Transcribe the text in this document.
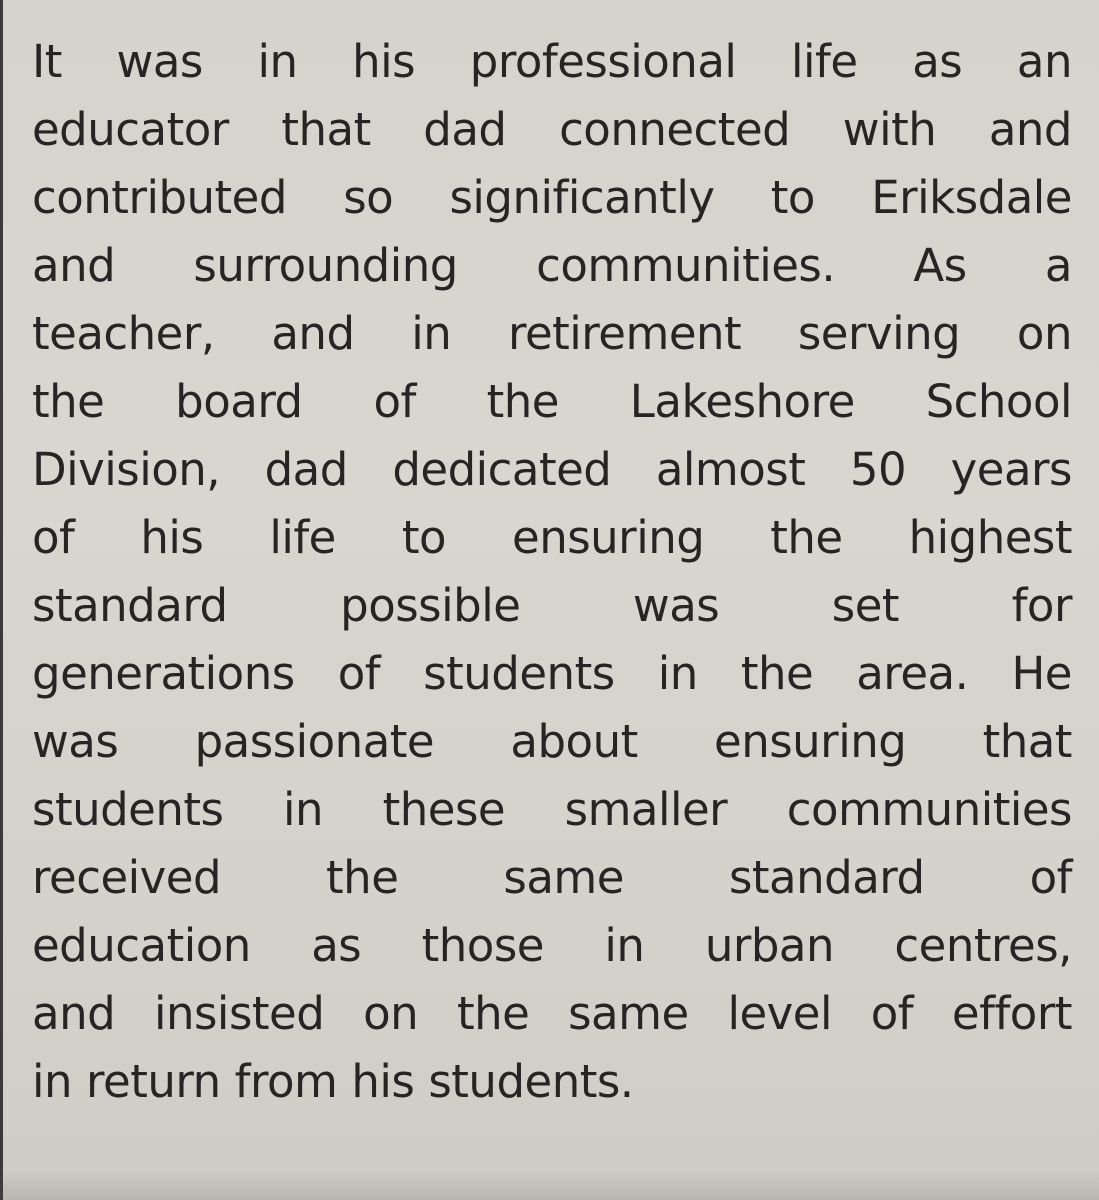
It was in his professional life as an
educator that dad connected with and
contributed so significantly to Eriksdale
and surrounding communities. As a
teacher, and in retirement serving on
the board of the Lakeshore School
Division, dad dedicated almost 50 years
of his life to ensuring the highest
standard	possible	was	set	for
generations of students in the area. He
was passionate about ensuring that
students in these smaller communities
received the same standard of
education as those in urban centres,
and insisted on the same level of effort
in return from his students.
